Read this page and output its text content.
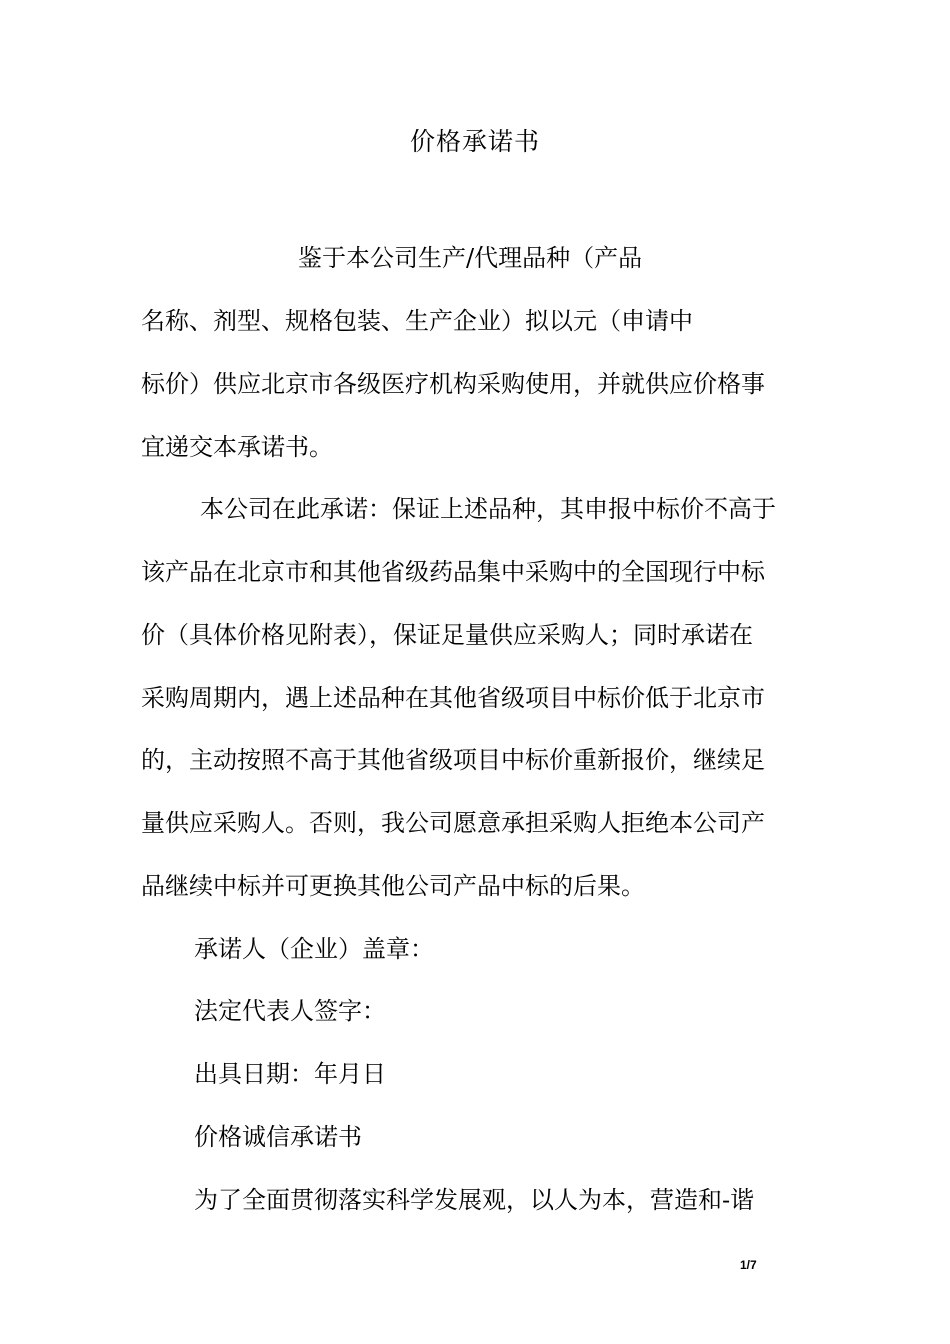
价格承诺书
鉴于本公司生产/代理品种（产品
名称、剂型、规格包装、生产企业）拟以元（申请中
标价）供应北京市各级医疗机构采购使用，并就供应价格事
宜递交本承诺书。
本公司在此承诺：保证上述品种，其申报中标价不高于
该产品在北京市和其他省级药品集中采购中的全国现行中标
价（具体价格见附表），保证足量供应采购人；同时承诺在
采购周期内，遇上述品种在其他省级项目中标价低于北京市
的，主动按照不高于其他省级项目中标价重新报价，继续足
量供应采购人。否则，我公司愿意承担采购人拒绝本公司产
品继续中标并可更换其他公司产品中标的后果。
承诺人（企业）盖章：
法定代表人签字：
出具日期：年月日
价格诚信承诺书
为了全面贯彻落实科学发展观，以人为本，营造和-谐
1/7
